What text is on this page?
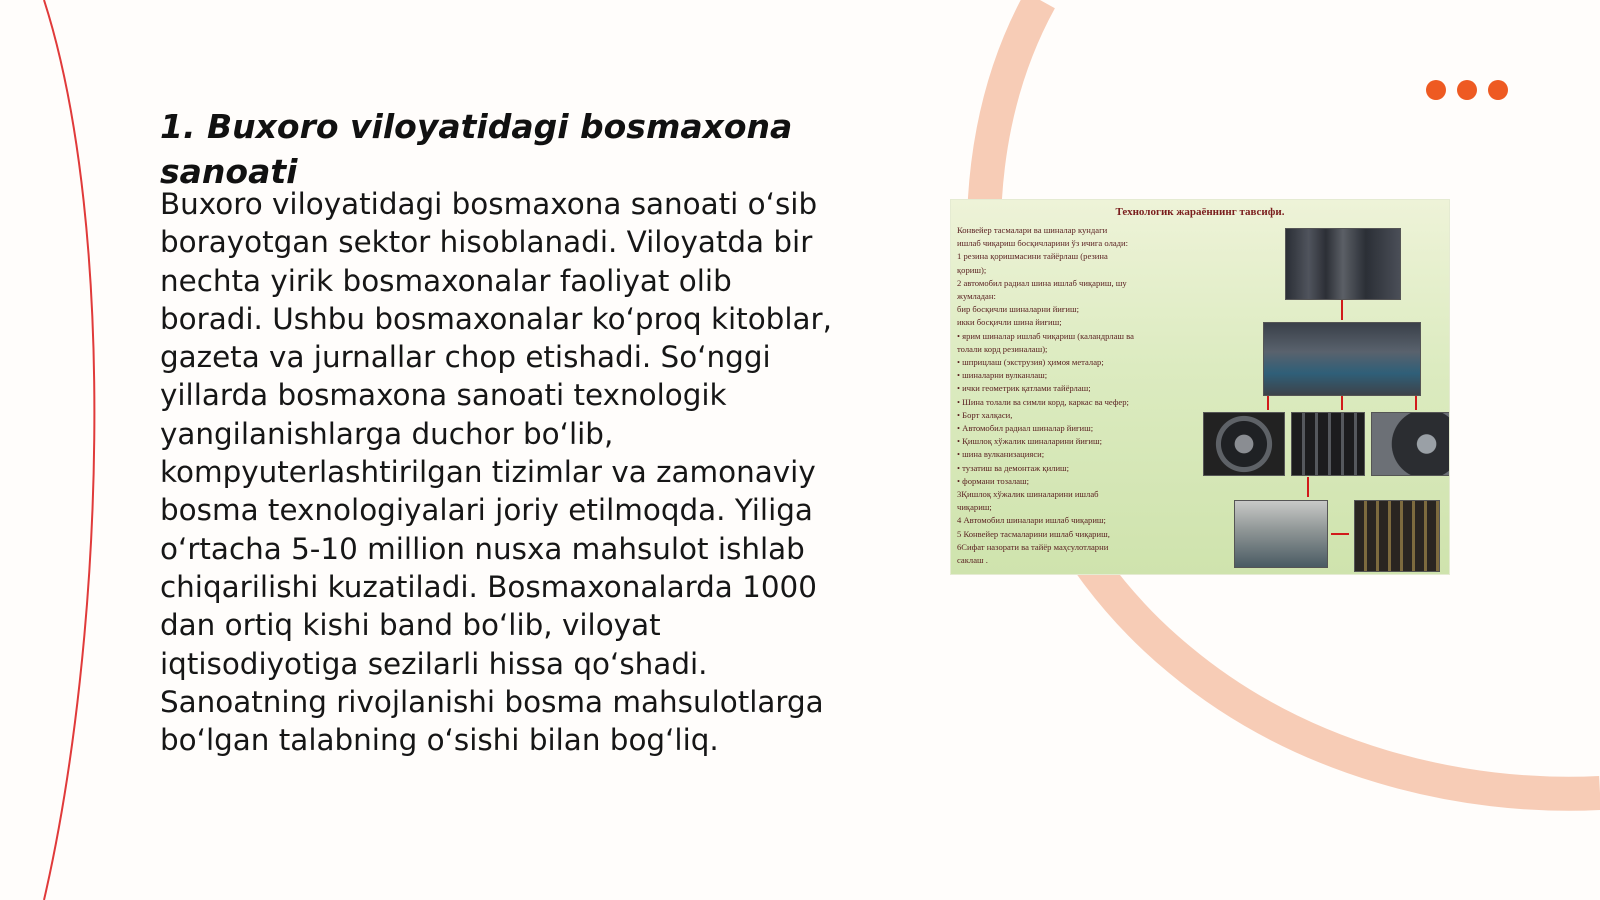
1. Buxoro viloyatidagi bosmaxona sanoati

Buxoro viloyatidagi bosmaxona sanoati o‘sib borayotgan sektor hisoblanadi. Viloyatda bir nechta yirik bosmaxonalar faoliyat olib boradi. Ushbu bosmaxonalar ko‘proq kitoblar, gazeta va jurnallar chop etishadi. So‘nggi yillarda bosmaxona sanoati texnologik yangilanishlarga duchor bo‘lib, kompyuterlashtirilgan tizimlar va zamonaviy bosma texnologiyalari joriy etilmoqda. Yiliga o‘rtacha 5-10 million nusxa mahsulot ishlab chiqarilishi kuzatiladi. Bosmaxonalarda 1000 dan ortiq kishi band bo‘lib, viloyat iqtisodiyotiga sezilarli hissa qo‘shadi. Sanoatning rivojlanishi bosma mahsulotlarga bo‘lgan talabning o‘sishi bilan bog‘liq.

Технологик жараённинг тавсифи.
Конвейер тасмалари ва шиналар кундаги
ишлаб чиқариш босқичларини ўз ичига олади:
1 резина қоришмасини тайёрлаш (резина
қориш);
2 автомобил радиал шина ишлаб чиқариш, шу
жумладан:
бир босқичли шиналарни йиғиш;
икки босқичли шина йиғиш;
• ярим шиналар ишлаб чиқариш (каландрлаш ва
толали корд резиналаш);
• шприцлаш (экструзия) ҳимоя металар;
• шиналарни вулканлаш;
• ички геометрик қатлами тайёрлаш;
• Шина толали ва симли корд, каркас ва чефер;
• Борт халқаси,
• Автомобил радиал шиналар йиғиш;
• Қишлоқ хўжалик шиналарини йиғиш;
• шина вулканизацияси;
• тузатиш ва демонтаж қилиш;
• формани тозалаш;
3Қишлоқ хўжалик шиналарини ишлаб
чиқариш;
4 Автомобил шиналари ишлаб чиқариш;
5 Конвейер тасмаларини ишлаб чиқариш,
6Сифат назорати ва тайёр маҳсулотларни
саклаш .
